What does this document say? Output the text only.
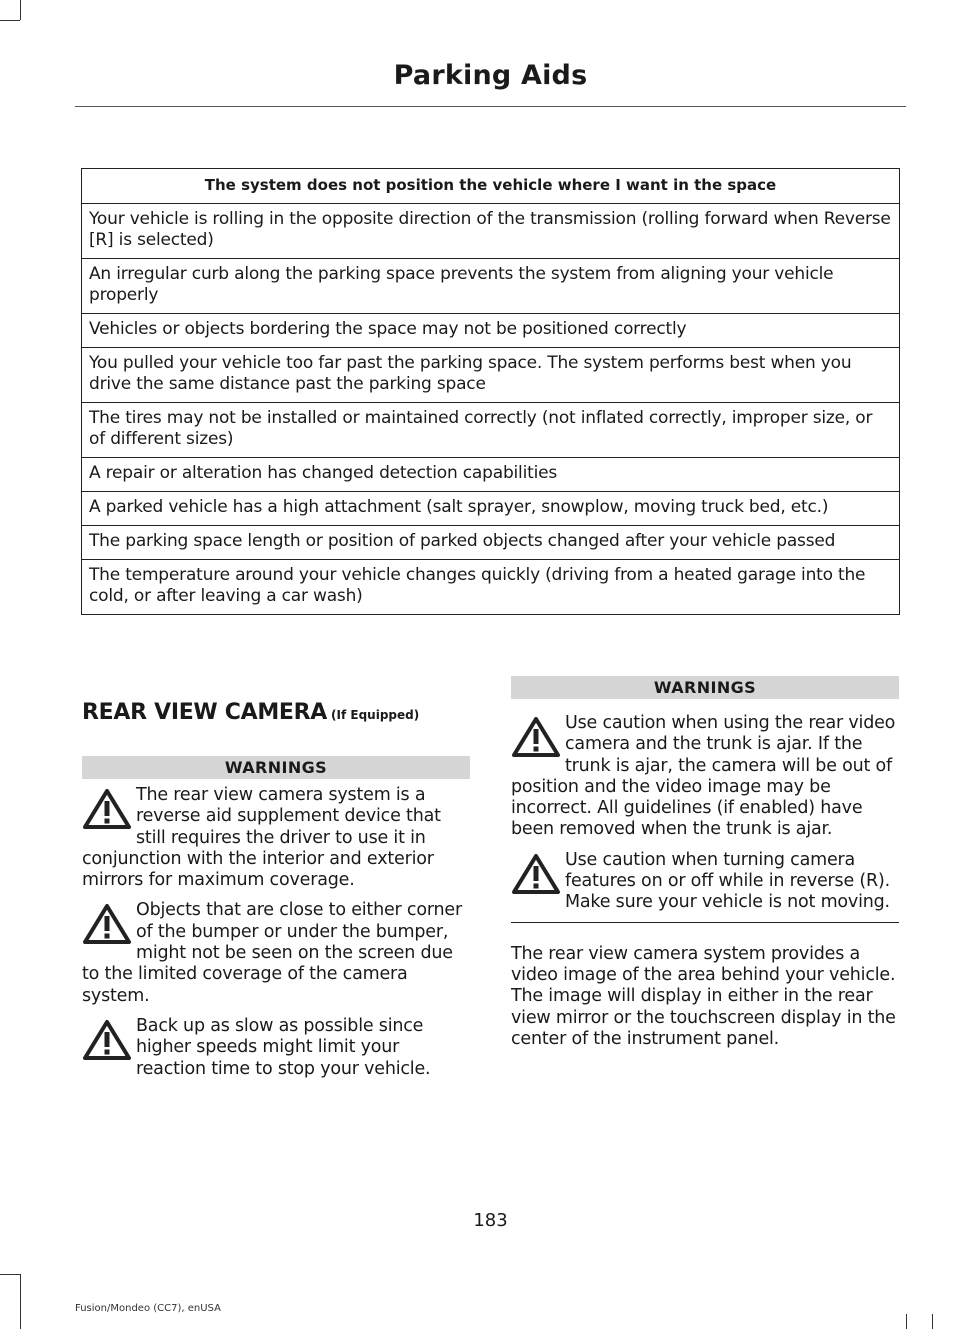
Parking Aids
The system does not position the vehicle where I want in the space
Your vehicle is rolling in the opposite direction of the transmission (rolling forward when Reverse [R] is selected)
An irregular curb along the parking space prevents the system from aligning your vehicle properly
Vehicles or objects bordering the space may not be positioned correctly
You pulled your vehicle too far past the parking space. The system performs best when you drive the same distance past the parking space
The tires may not be installed or maintained correctly (not inflated correctly, improper size, or of different sizes)
A repair or alteration has changed detection capabilities
A parked vehicle has a high attachment (salt sprayer, snowplow, moving truck bed, etc.)
The parking space length or position of parked objects changed after your vehicle passed
The temperature around your vehicle changes quickly (driving from a heated garage into the cold, or after leaving a car wash)
REAR VIEW CAMERA (If Equipped)
WARNINGS
The rear view camera system is a reverse aid supplement device that still requires the driver to use it in conjunction with the interior and exterior mirrors for maximum coverage.
Objects that are close to either corner of the bumper or under the bumper, might not be seen on the screen due to the limited coverage of the camera system.
Back up as slow as possible since higher speeds might limit your reaction time to stop your vehicle.
WARNINGS
Use caution when using the rear video camera and the trunk is ajar. If the trunk is ajar, the camera will be out of position and the video image may be incorrect. All guidelines (if enabled) have been removed when the trunk is ajar.
Use caution when turning camera features on or off while in reverse (R). Make sure your vehicle is not moving.
The rear view camera system provides a video image of the area behind your vehicle. The image will display in either in the rear view mirror or the touchscreen display in the center of the instrument panel.
183
Fusion/Mondeo (CC7), enUSA
